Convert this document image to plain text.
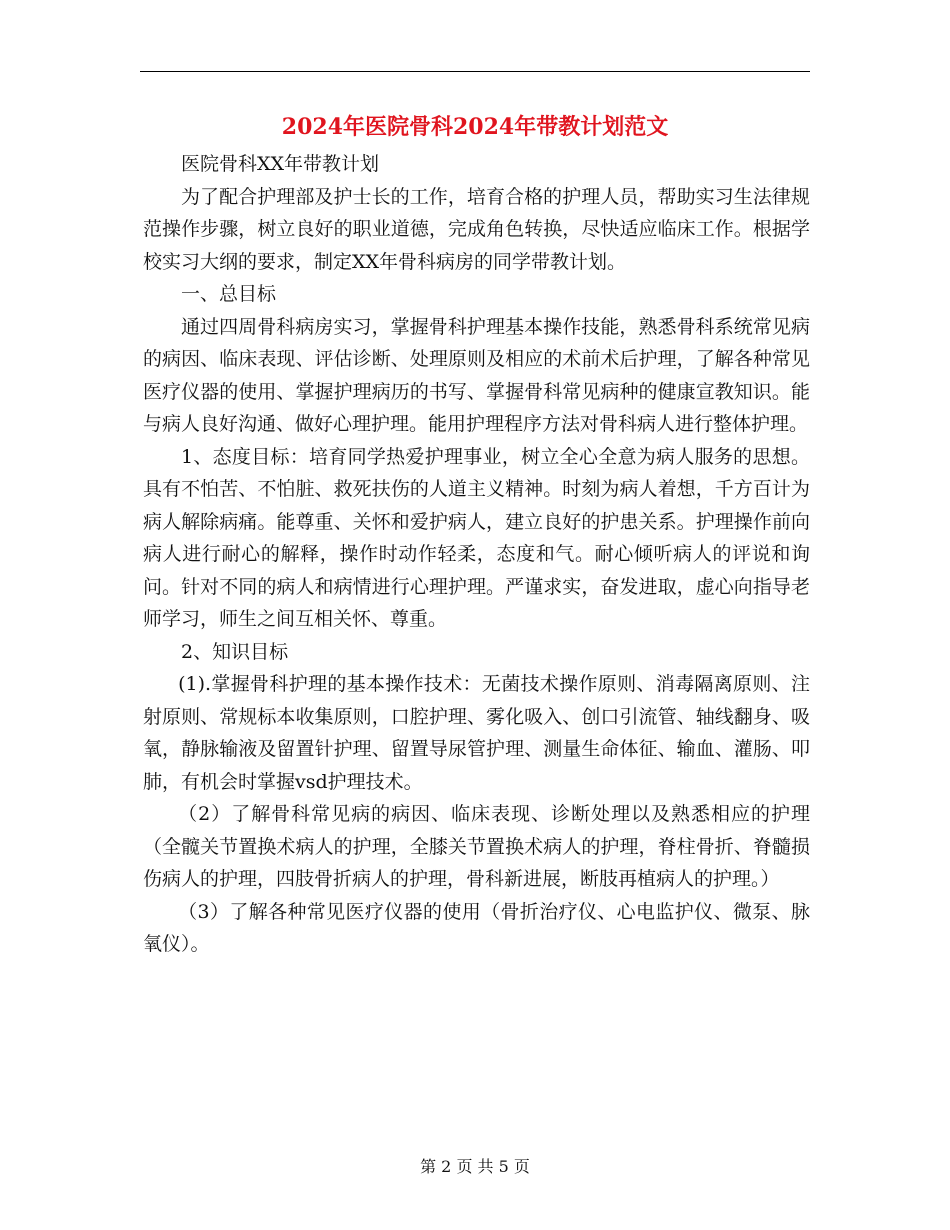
2024年医院骨科2024年带教计划范文

医院骨科XX年带教计划

为了配合护理部及护士长的工作，培育合格的护理人员，帮助实习生法律规范操作步骤，树立良好的职业道德，完成角色转换，尽快适应临床工作。根据学校实习大纲的要求，制定XX年骨科病房的同学带教计划。

一、总目标

通过四周骨科病房实习，掌握骨科护理基本操作技能，熟悉骨科系统常见病的病因、临床表现、评估诊断、处理原则及相应的术前术后护理，了解各种常见医疗仪器的使用、掌握护理病历的书写、掌握骨科常见病种的健康宣教知识。能与病人良好沟通、做好心理护理。能用护理程序方法对骨科病人进行整体护理。

1、态度目标：培育同学热爱护理事业，树立全心全意为病人服务的思想。具有不怕苦、不怕脏、救死扶伤的人道主义精神。时刻为病人着想，千方百计为病人解除病痛。能尊重、关怀和爱护病人，建立良好的护患关系。护理操作前向病人进行耐心的解释，操作时动作轻柔，态度和气。耐心倾听病人的评说和询问。针对不同的病人和病情进行心理护理。严谨求实，奋发进取，虚心向指导老师学习，师生之间互相关怀、尊重。

2、知识目标

(1).掌握骨科护理的基本操作技术：无菌技术操作原则、消毒隔离原则、注射原则、常规标本收集原则，口腔护理、雾化吸入、创口引流管、轴线翻身、吸氧，静脉输液及留置针护理、留置导尿管护理、测量生命体征、输血、灌肠、叩肺，有机会时掌握vsd护理技术。

（2）了解骨科常见病的病因、临床表现、诊断处理以及熟悉相应的护理（全髋关节置换术病人的护理，全膝关节置换术病人的护理，脊柱骨折、脊髓损伤病人的护理，四肢骨折病人的护理，骨科新进展，断肢再植病人的护理。）

（3）了解各种常见医疗仪器的使用（骨折治疗仪、心电监护仪、微泵、脉氧仪）。

第 2 页 共 5 页
